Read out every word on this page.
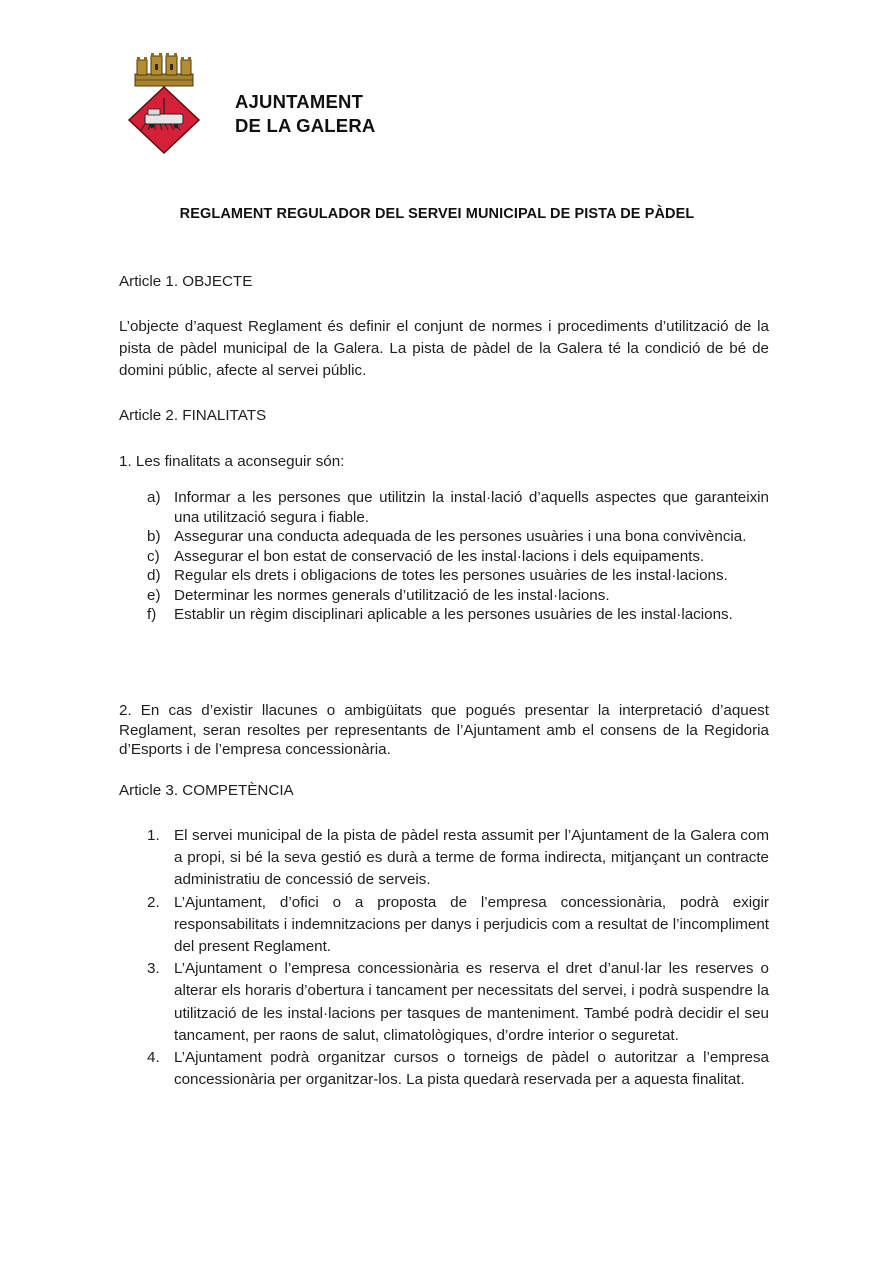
AJUNTAMENT
DE LA GALERA
REGLAMENT REGULADOR DEL SERVEI MUNICIPAL DE PISTA DE PÀDEL
Article 1. OBJECTE
L’objecte d’aquest Reglament és definir el conjunt de normes i procediments d’utilització de la pista de pàdel municipal de la Galera. La pista de pàdel de la Galera té la condició de bé de domini públic, afecte al servei públic.
Article 2. FINALITATS
1. Les finalitats a aconseguir són:
a) Informar a les persones que utilitzin la instal·lació d’aquells aspectes que garanteixin una utilització segura i fiable.
b) Assegurar una conducta adequada de les persones usuàries i una bona convivència.
c) Assegurar el bon estat de conservació de les instal·lacions i dels equipaments.
d) Regular els drets i obligacions de totes les persones usuàries de les instal·lacions.
e) Determinar les normes generals d’utilització de les instal·lacions.
f) Establir un règim disciplinari aplicable a les persones usuàries de les instal·lacions.
2. En cas d’existir llacunes o ambigüitats que pogués presentar la interpretació d’aquest Reglament, seran resoltes per representants de l’Ajuntament amb el consens de la Regidoria d’Esports i de l’empresa concessionària.
Article 3. COMPETÈNCIA
1. El servei municipal de la pista de pàdel resta assumit per l’Ajuntament de la Galera com a propi, si bé la seva gestió es durà a terme de forma indirecta, mitjançant un contracte administratiu de concessió de serveis.
2. L’Ajuntament, d’ofici o a proposta de l’empresa concessionària, podrà exigir responsabilitats i indemnitzacions per danys i perjudicis com a resultat de l’incompliment del present Reglament.
3. L’Ajuntament o l’empresa concessionària es reserva el dret d’anul·lar les reserves o alterar els horaris d’obertura i tancament per necessitats del servei, i podrà suspendre la utilització de les instal·lacions per tasques de manteniment. També podrà decidir el seu tancament, per raons de salut, climatològiques, d’ordre interior o seguretat.
4. L’Ajuntament podrà organitzar cursos o torneigs de pàdel o autoritzar a l’empresa concessionària per organitzar-los. La pista quedarà reservada per a aquesta finalitat.
